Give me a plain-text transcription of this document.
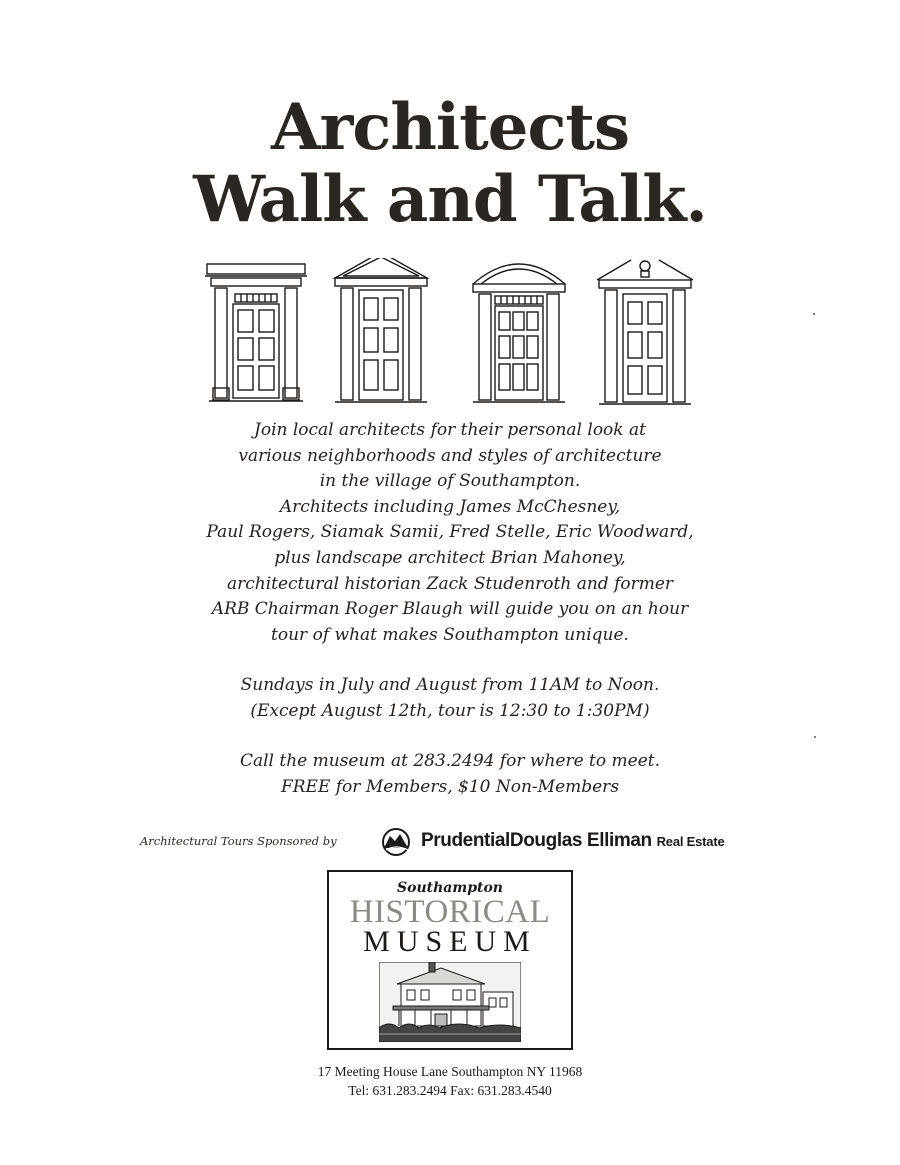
Architects
Walk and Talk.

Join local architects for their personal look at

various neighborhoods and styles of architecture

in the village of Southampton.

Architects including James McChesney,

Paul Rogers, Siamak Samii, Fred Stelle, Eric Woodward,

plus landscape architect Brian Mahoney,

architectural historian Zack Studenroth and former

ARB Chairman Roger Blaugh will guide you on an hour

tour of what makes Southampton unique.

Sundays in July and August from 11AM to Noon.

(Except August 12th, tour is 12:30 to 1:30PM)

Call the museum at 283.2494 for where to meet.

FREE for Members, $10 Non-Members

Architectural Tours Sponsored by	PrudentialDouglas Elliman Real Estate
Southampton
HISTORICAL
MUSEUM

17 Meeting House Lane Southampton NY 11968

Tel: 631.283.2494 Fax: 631.283.4540
